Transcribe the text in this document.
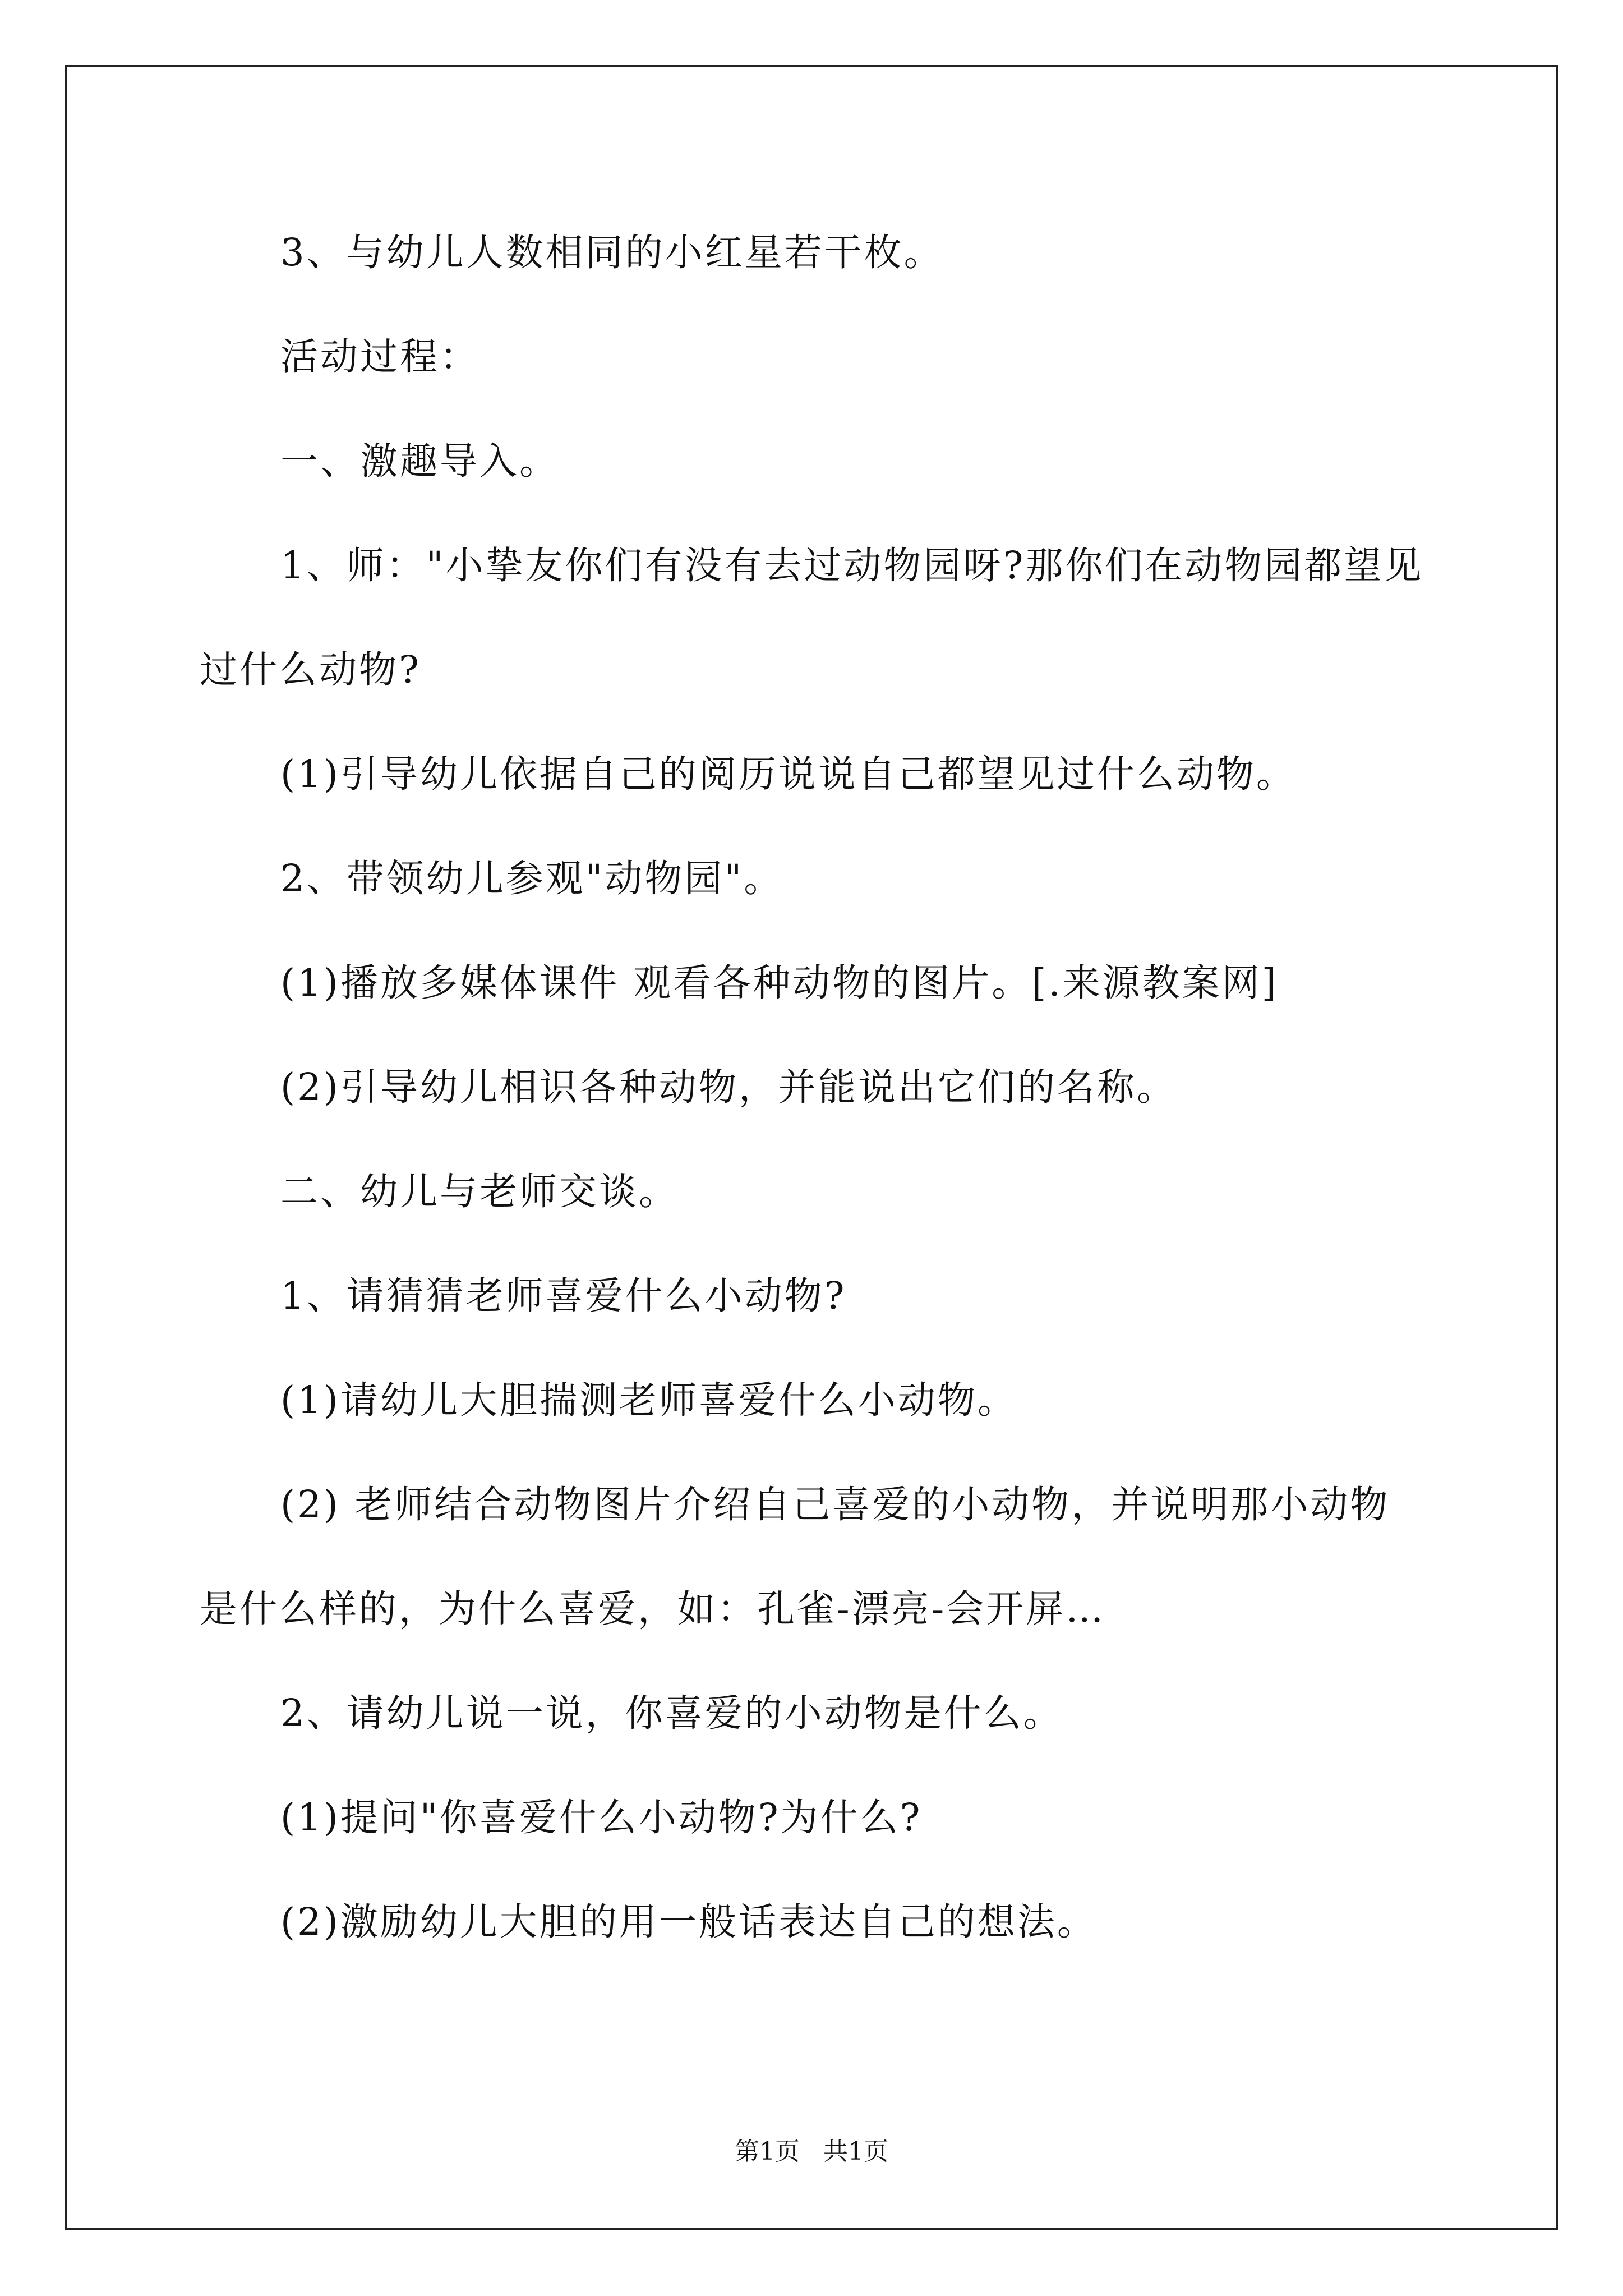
3、与幼儿人数相同的小红星若干枚。
活动过程：
一、激趣导入。
1、师："小挚友你们有没有去过动物园呀?那你们在动物园都望见
过什么动物?
(1)引导幼儿依据自己的阅历说说自己都望见过什么动物。
2、带领幼儿参观"动物园"。
(1)播放多媒体课件 观看各种动物的图片。[.来源教案网]
(2)引导幼儿相识各种动物，并能说出它们的名称。
二、幼儿与老师交谈。
1、请猜猜老师喜爱什么小动物?
(1)请幼儿大胆揣测老师喜爱什么小动物。
(2) 老师结合动物图片介绍自己喜爱的小动物，并说明那小动物
是什么样的，为什么喜爱，如：孔雀-漂亮-会开屏…
2、请幼儿说一说，你喜爱的小动物是什么。
(1)提问"你喜爱什么小动物?为什么?
(2)激励幼儿大胆的用一般话表达自己的想法。
第1页   共1页
